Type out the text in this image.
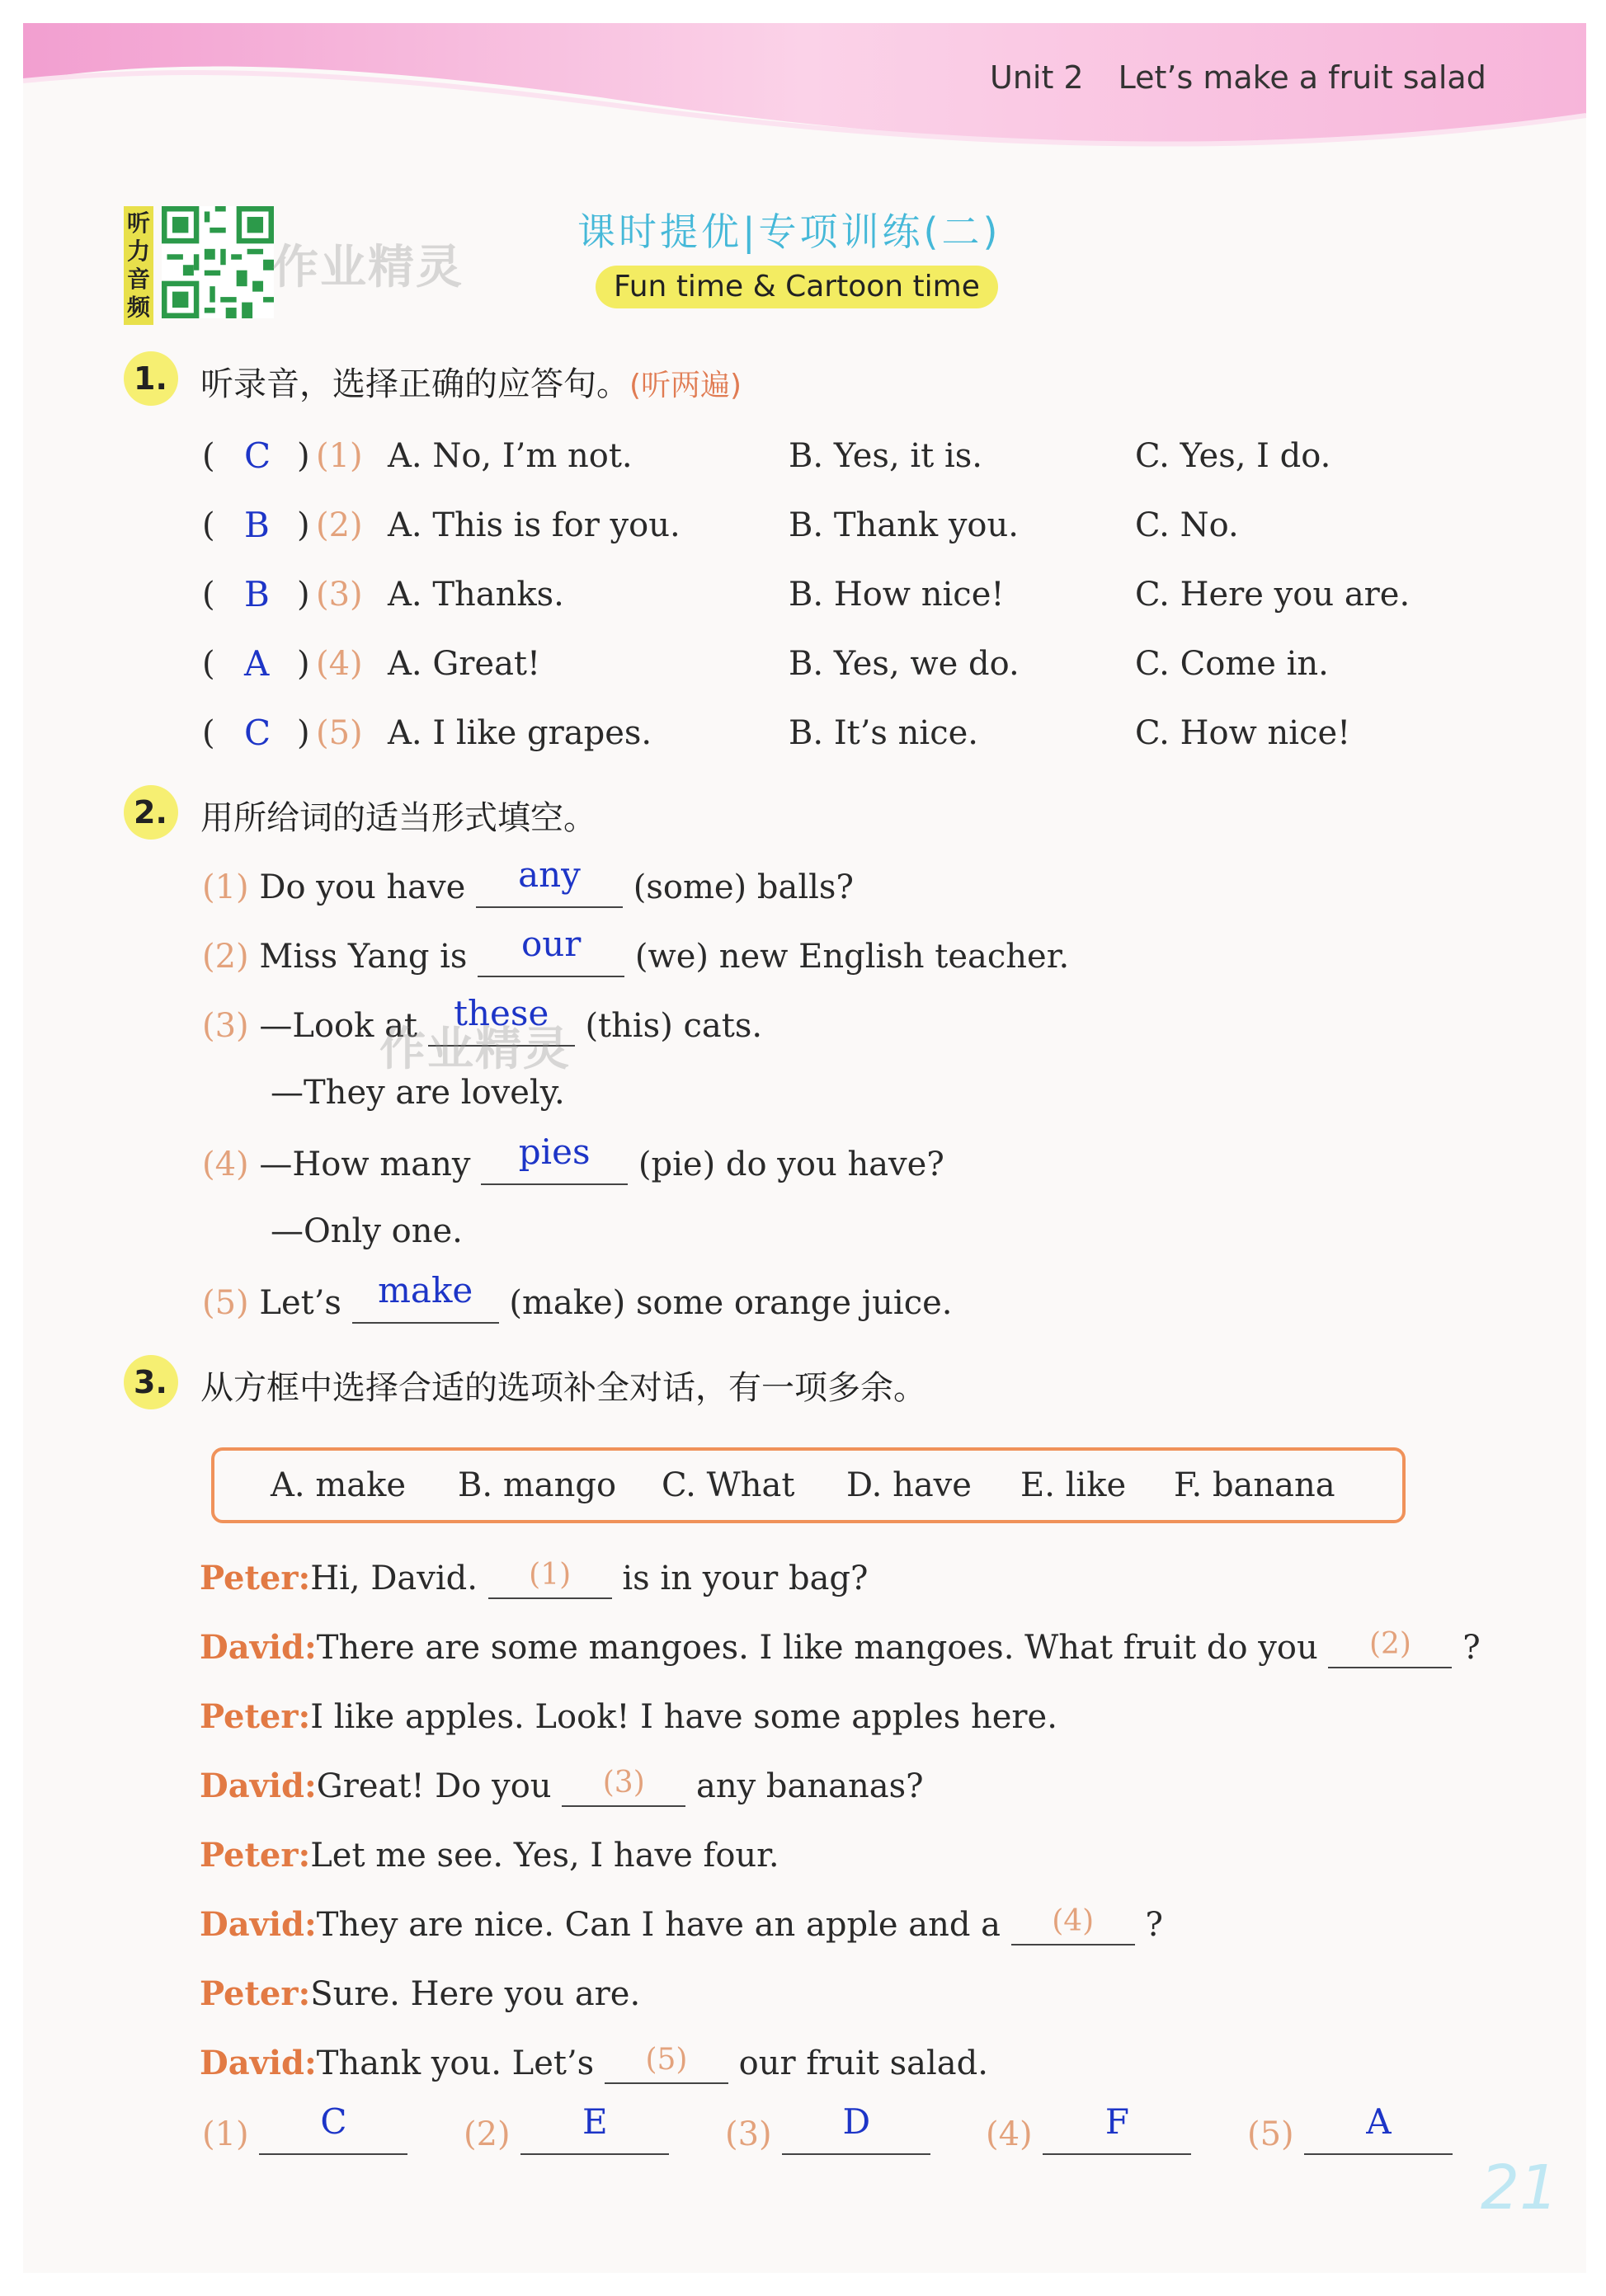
Unit 2 Let’s make a fruit salad
听力音频
作业精灵
课时提优|专项训练(二)
Fun time & Cartoon time
1.	听录音，选择正确的应答句。(听两遍)
( C ) (1) A. No, I’m not.	B. Yes, it is.	C. Yes, I do.
( B ) (2) A. This is for you.	B. Thank you.	C. No.
( B ) (3) A. Thanks.	B. How nice!	C. Here you are.
( A ) (4) A. Great!	B. Yes, we do.	C. Come in.
( C ) (5) A. I like grapes.	B. It’s nice.	C. How nice!
2.	用所给词的适当形式填空。
(1) Do you have any (some) balls?
(2) Miss Yang is our (we) new English teacher.
(3) —Look at these (this) cats.
—They are lovely.
作业精灵
(4) —How many pies (pie) do you have?
—Only one.
(5) Let’s make (make) some orange juice.
3.	从方框中选择合适的选项补全对话，有一项多余。
A. make B. mango C. What D. have E. like F. banana
Peter:Hi, David. (1) is in your bag?
David:There are some mangoes. I like mangoes. What fruit do you (2) ?
Peter:I like apples. Look! I have some apples here.
David:Great! Do you (3) any bananas?
Peter:Let me see. Yes, I have four.
David:They are nice. Can I have an apple and a (4) ?
Peter:Sure. Here you are.
David:Thank you. Let’s (5) our fruit salad.
(1) C	(2) E	(3) D	(4) F	(5) A
21
